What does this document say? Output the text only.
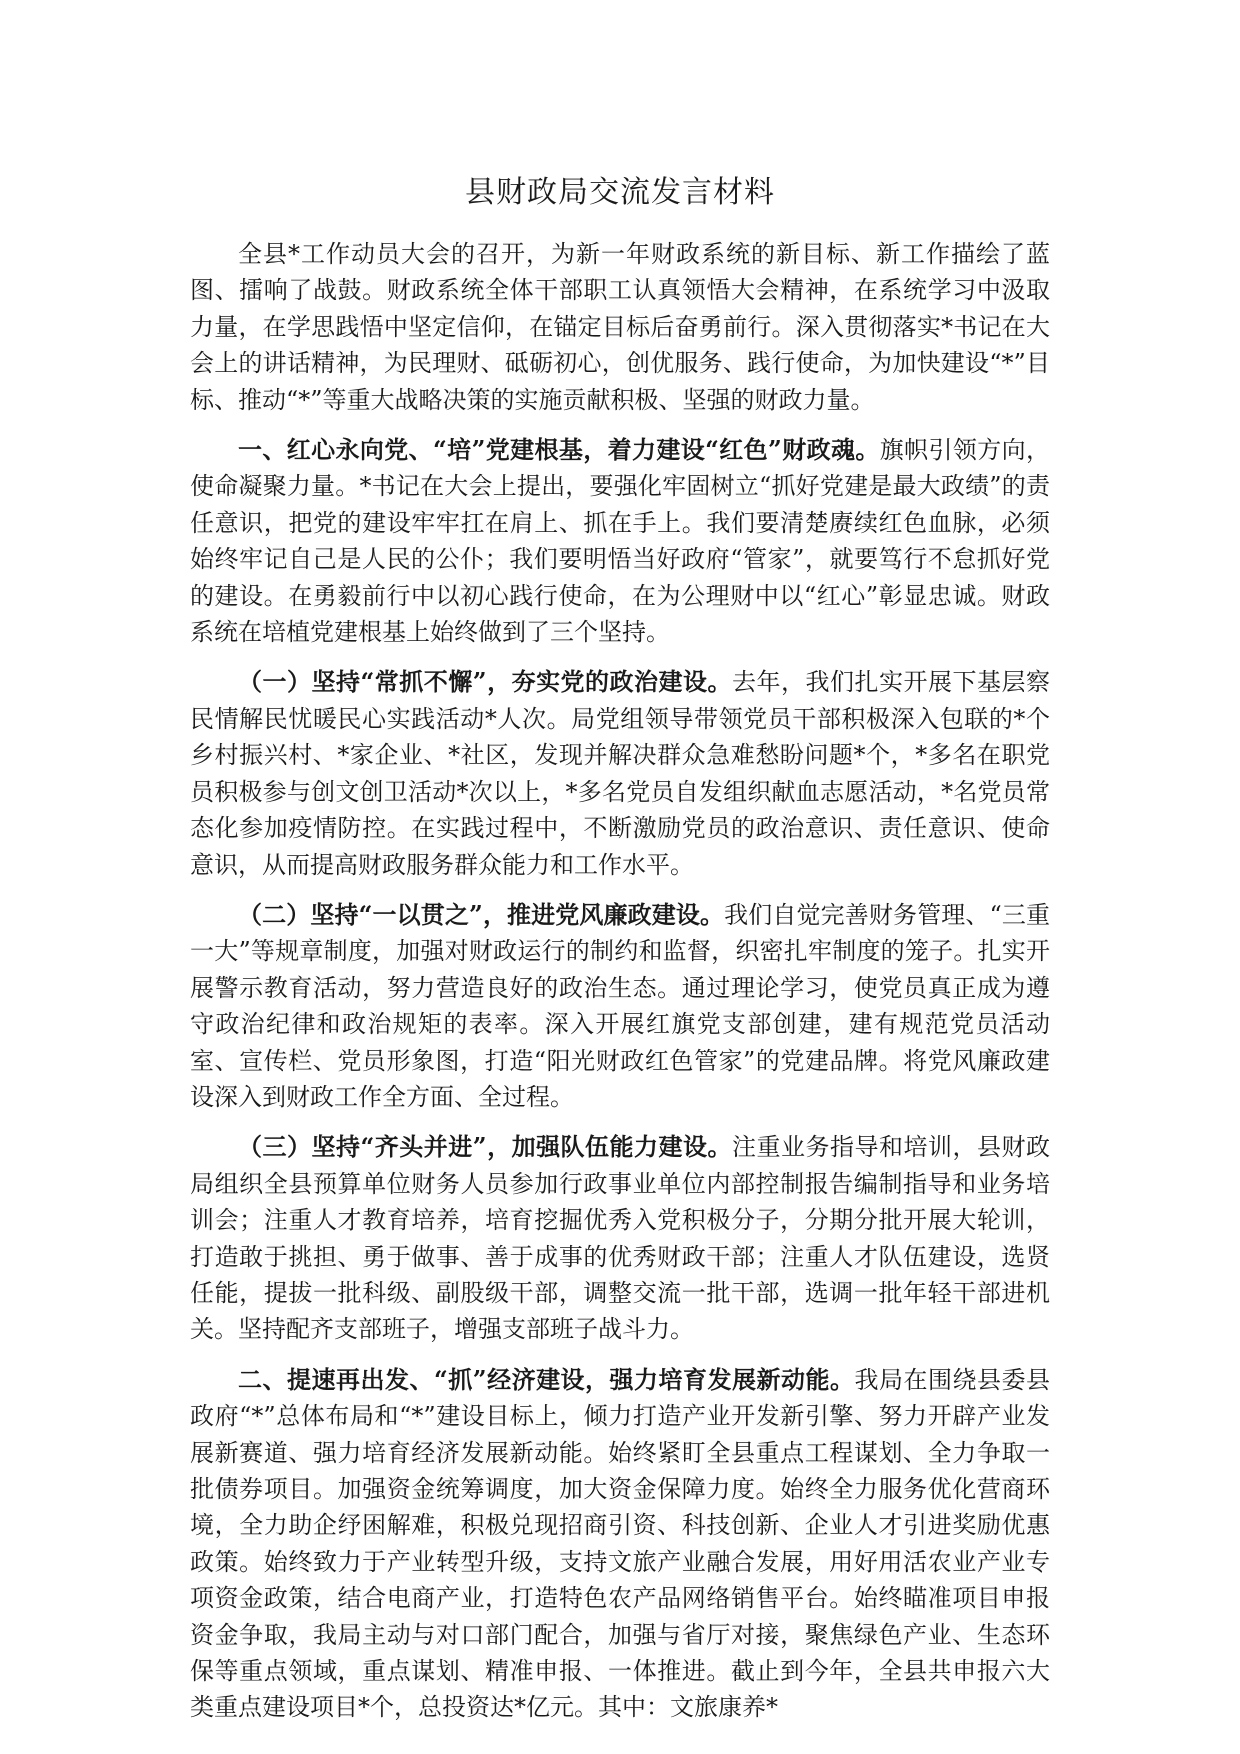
县财政局交流发言材料

全县*工作动员大会的召开，为新一年财政系统的新目标、新工作描绘了蓝图、擂响了战鼓。财政系统全体干部职工认真领悟大会精神，在系统学习中汲取力量，在学思践悟中坚定信仰，在锚定目标后奋勇前行。深入贯彻落实*书记在大会上的讲话精神，为民理财、砥砺初心，创优服务、践行使命，为加快建设“*”目标、推动“*”等重大战略决策的实施贡献积极、坚强的财政力量。

一、红心永向党、“培”党建根基，着力建设“红色”财政魂。旗帜引领方向，使命凝聚力量。*书记在大会上提出，要强化牢固树立“抓好党建是最大政绩”的责任意识，把党的建设牢牢扛在肩上、抓在手上。我们要清楚赓续红色血脉，必须始终牢记自己是人民的公仆；我们要明悟当好政府“管家”，就要笃行不怠抓好党的建设。在勇毅前行中以初心践行使命，在为公理财中以“红心”彰显忠诚。财政系统在培植党建根基上始终做到了三个坚持。

（一）坚持“常抓不懈”，夯实党的政治建设。去年，我们扎实开展下基层察民情解民忧暖民心实践活动*人次。局党组领导带领党员干部积极深入包联的*个乡村振兴村、*家企业、*社区，发现并解决群众急难愁盼问题*个，*多名在职党员积极参与创文创卫活动*次以上，*多名党员自发组织献血志愿活动，*名党员常态化参加疫情防控。在实践过程中，不断激励党员的政治意识、责任意识、使命意识，从而提高财政服务群众能力和工作水平。

（二）坚持“一以贯之”，推进党风廉政建设。我们自觉完善财务管理、“三重一大”等规章制度，加强对财政运行的制约和监督，织密扎牢制度的笼子。扎实开展警示教育活动，努力营造良好的政治生态。通过理论学习，使党员真正成为遵守政治纪律和政治规矩的表率。深入开展红旗党支部创建，建有规范党员活动室、宣传栏、党员形象图，打造“阳光财政红色管家”的党建品牌。将党风廉政建设深入到财政工作全方面、全过程。

（三）坚持“齐头并进”，加强队伍能力建设。注重业务指导和培训，县财政局组织全县预算单位财务人员参加行政事业单位内部控制报告编制指导和业务培训会；注重人才教育培养，培育挖掘优秀入党积极分子，分期分批开展大轮训，打造敢于挑担、勇于做事、善于成事的优秀财政干部；注重人才队伍建设，选贤任能，提拔一批科级、副股级干部，调整交流一批干部，选调一批年轻干部进机关。坚持配齐支部班子，增强支部班子战斗力。

二、提速再出发、“抓”经济建设，强力培育发展新动能。我局在围绕县委县政府“*”总体布局和“*”建设目标上，倾力打造产业开发新引擎、努力开辟产业发展新赛道、强力培育经济发展新动能。始终紧盯全县重点工程谋划、全力争取一批债券项目。加强资金统筹调度，加大资金保障力度。始终全力服务优化营商环境，全力助企纾困解难，积极兑现招商引资、科技创新、企业人才引进奖励优惠政策。始终致力于产业转型升级，支持文旅产业融合发展，用好用活农业产业专项资金政策，结合电商产业，打造特色农产品网络销售平台。始终瞄准项目申报资金争取，我局主动与对口部门配合，加强与省厅对接，聚焦绿色产业、生态环保等重点领域，重点谋划、精准申报、一体推进。截止到今年，全县共申报六大类重点建设项目*个，总投资达*亿元。其中：文旅康养*
